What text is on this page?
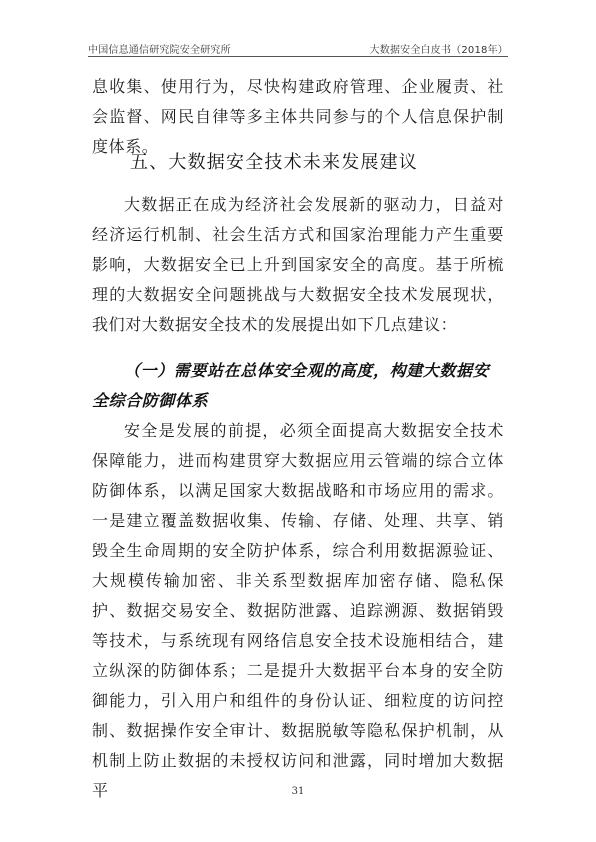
中国信息通信研究院安全研究所	大数据安全白皮书（2018年）
息收集、使用行为，尽快构建政府管理、企业履责、社会监督、网民自律等多主体共同参与的个人信息保护制度体系。
五、大数据安全技术未来发展建议
大数据正在成为经济社会发展新的驱动力，日益对经济运行机制、社会生活方式和国家治理能力产生重要影响，大数据安全已上升到国家安全的高度。基于所梳理的大数据安全问题挑战与大数据安全技术发展现状，我们对大数据安全技术的发展提出如下几点建议：
（一）需要站在总体安全观的高度，构建大数据安全综合防御体系
安全是发展的前提，必须全面提高大数据安全技术保障能力，进而构建贯穿大数据应用云管端的综合立体防御体系，以满足国家大数据战略和市场应用的需求。一是建立覆盖数据收集、传输、存储、处理、共享、销毁全生命周期的安全防护体系，综合利用数据源验证、大规模传输加密、非关系型数据库加密存储、隐私保护、数据交易安全、数据防泄露、追踪溯源、数据销毁等技术，与系统现有网络信息安全技术设施相结合，建立纵深的防御体系；二是提升大数据平台本身的安全防御能力，引入用户和组件的身份认证、细粒度的访问控制、数据操作安全审计、数据脱敏等隐私保护机制，从机制上防止数据的未授权访问和泄露，同时增加大数据平	31
